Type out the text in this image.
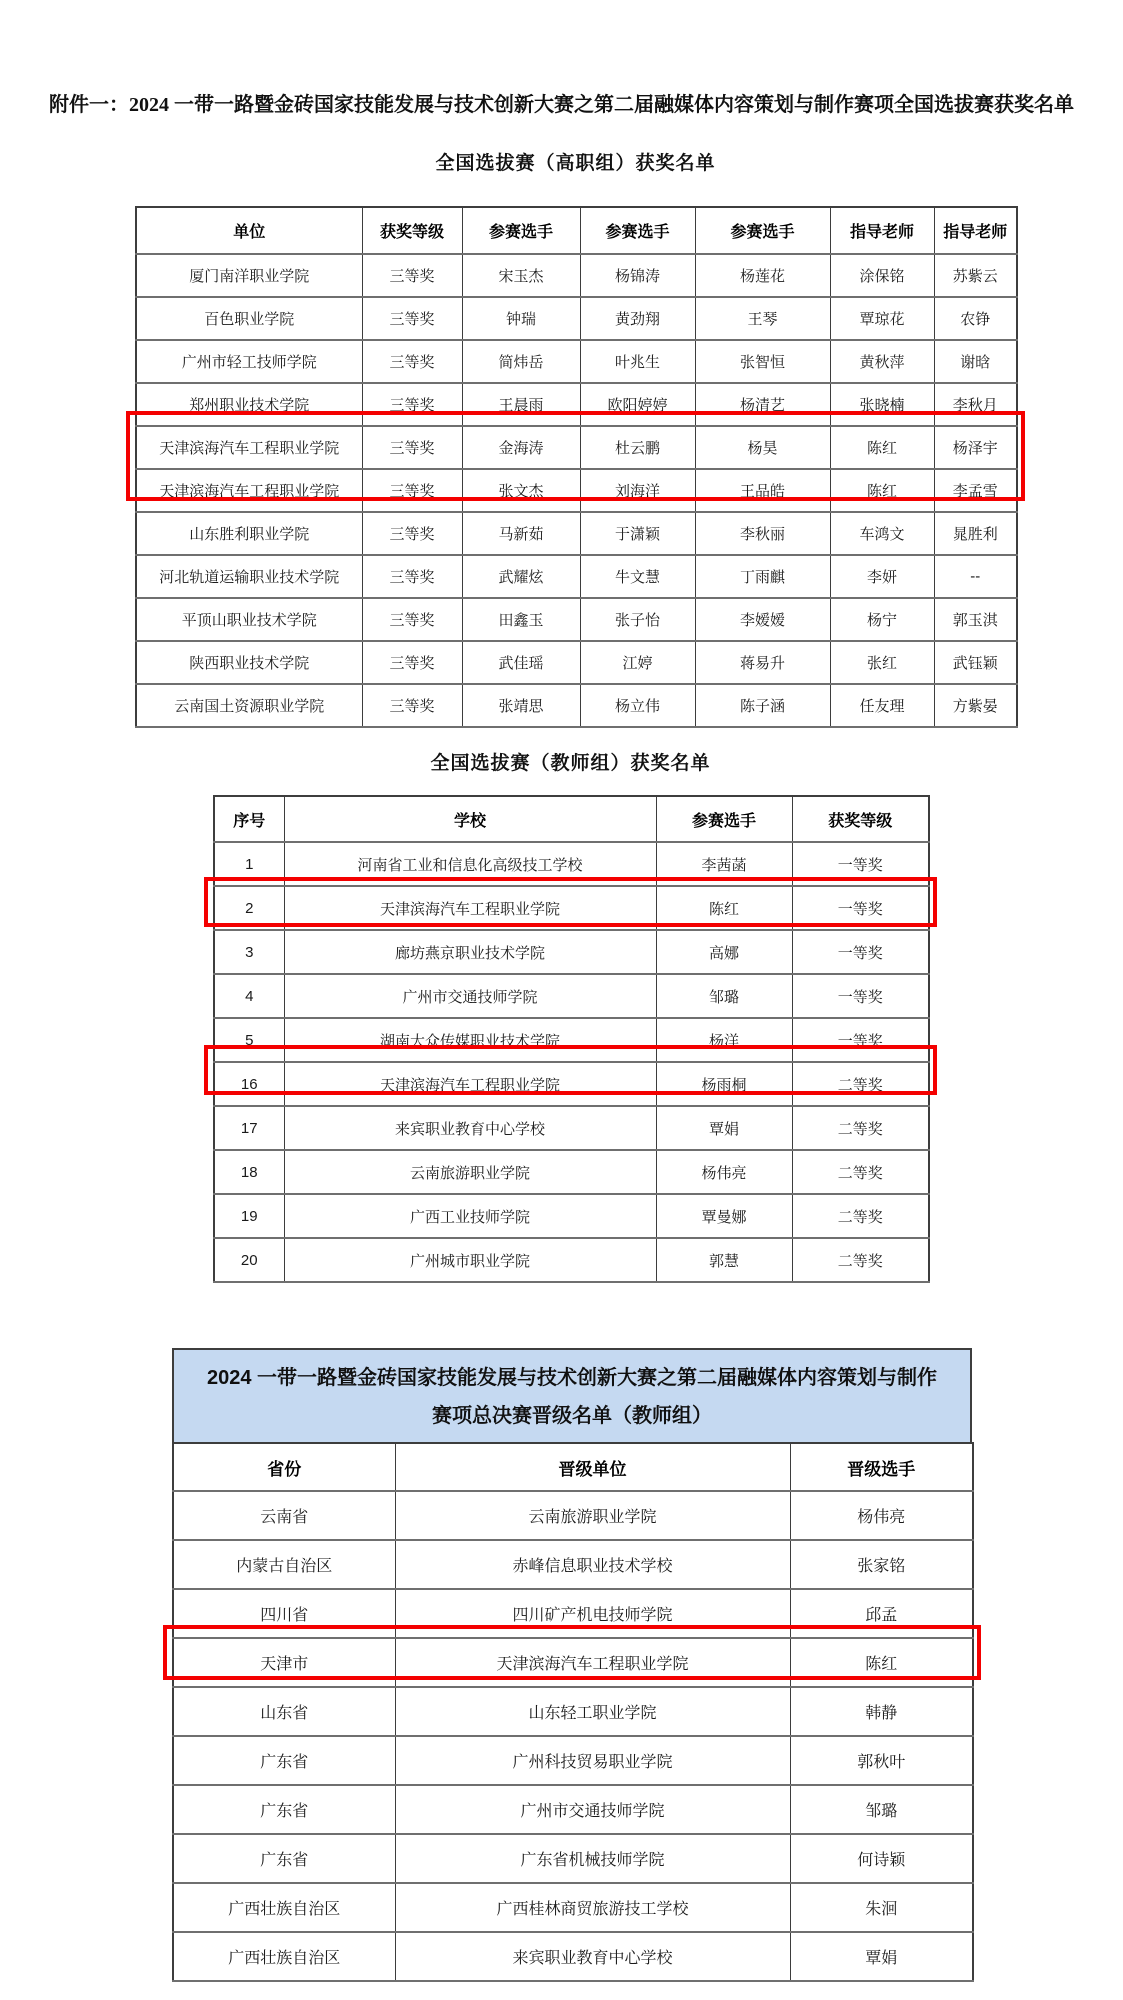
附件一：2024 一带一路暨金砖国家技能发展与技术创新大赛之第二届融媒体内容策划与制作赛项全国选拔赛获奖名单
全国选拔赛（高职组）获奖名单
单位	获奖等级	参赛选手	参赛选手	参赛选手	指导老师	指导老师
厦门南洋职业学院	三等奖	宋玉杰	杨锦涛	杨莲花	涂保铭	苏紫云
百色职业学院	三等奖	钟瑞	黄劲翔	王琴	覃琼花	农铮
广州市轻工技师学院	三等奖	简炜岳	叶兆生	张智恒	黄秋萍	谢晗
郑州职业技术学院	三等奖	王晨雨	欧阳婷婷	杨清艺	张晓楠	李秋月
天津滨海汽车工程职业学院	三等奖	金海涛	杜云鹏	杨昊	陈红	杨泽宇
天津滨海汽车工程职业学院	三等奖	张文杰	刘海洋	王品皓	陈红	李孟雪
山东胜利职业学院	三等奖	马新茹	于潇颖	李秋丽	车鸿文	晁胜利
河北轨道运输职业技术学院	三等奖	武耀炫	牛文慧	丁雨麒	李妍	--
平顶山职业技术学院	三等奖	田鑫玉	张子怡	李嫒嫒	杨宁	郭玉淇
陕西职业技术学院	三等奖	武佳瑶	江婷	蒋易升	张红	武钰颖
云南国土资源职业学院	三等奖	张靖思	杨立伟	陈子涵	任友理	方紫晏
全国选拔赛（教师组）获奖名单
序号	学校	参赛选手	获奖等级
1	河南省工业和信息化高级技工学校	李茜菡	一等奖
2	天津滨海汽车工程职业学院	陈红	一等奖
3	廊坊燕京职业技术学院	高娜	一等奖
4	广州市交通技师学院	邹璐	一等奖
5	湖南大众传媒职业技术学院	杨洋	一等奖
16	天津滨海汽车工程职业学院	杨雨桐	二等奖
17	来宾职业教育中心学校	覃娟	二等奖
18	云南旅游职业学院	杨伟亮	二等奖
19	广西工业技师学院	覃曼娜	二等奖
20	广州城市职业学院	郭慧	二等奖
2024 一带一路暨金砖国家技能发展与技术创新大赛之第二届融媒体内容策划与制作
赛项总决赛晋级名单（教师组）
省份	晋级单位	晋级选手
云南省	云南旅游职业学院	杨伟亮
内蒙古自治区	赤峰信息职业技术学校	张家铭
四川省	四川矿产机电技师学院	邱孟
天津市	天津滨海汽车工程职业学院	陈红
山东省	山东轻工职业学院	韩静
广东省	广州科技贸易职业学院	郭秋叶
广东省	广州市交通技师学院	邹璐
广东省	广东省机械技师学院	何诗颖
广西壮族自治区	广西桂林商贸旅游技工学校	朱洄
广西壮族自治区	来宾职业教育中心学校	覃娟
